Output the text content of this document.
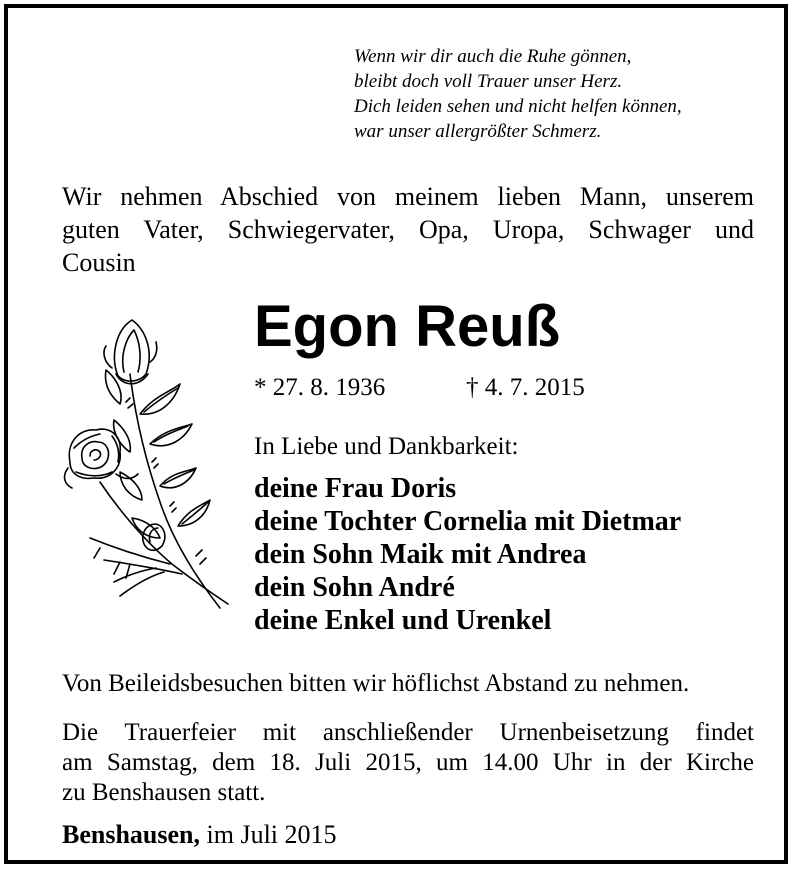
Wenn wir dir auch die Ruhe gönnen,
bleibt doch voll Trauer unser Herz.
Dich leiden sehen und nicht helfen können,
war unser allergrößter Schmerz.
Wir nehmen Abschied von meinem lieben Mann, unserem
guten Vater, Schwiegervater, Opa, Uropa, Schwager und
Cousin
Egon Reuß
* 27. 8. 1936	† 4. 7. 2015
In Liebe und Dankbarkeit:
deine Frau Doris
deine Tochter Cornelia mit Dietmar
dein Sohn Maik mit Andrea
dein Sohn André
deine Enkel und Urenkel
Von Beileidsbesuchen bitten wir höflichst Abstand zu nehmen.
Die Trauerfeier mit anschließender Urnenbeisetzung findet
am Samstag, dem 18. Juli 2015, um 14.00 Uhr in der Kirche
zu Benshausen statt.
Benshausen, im Juli 2015
